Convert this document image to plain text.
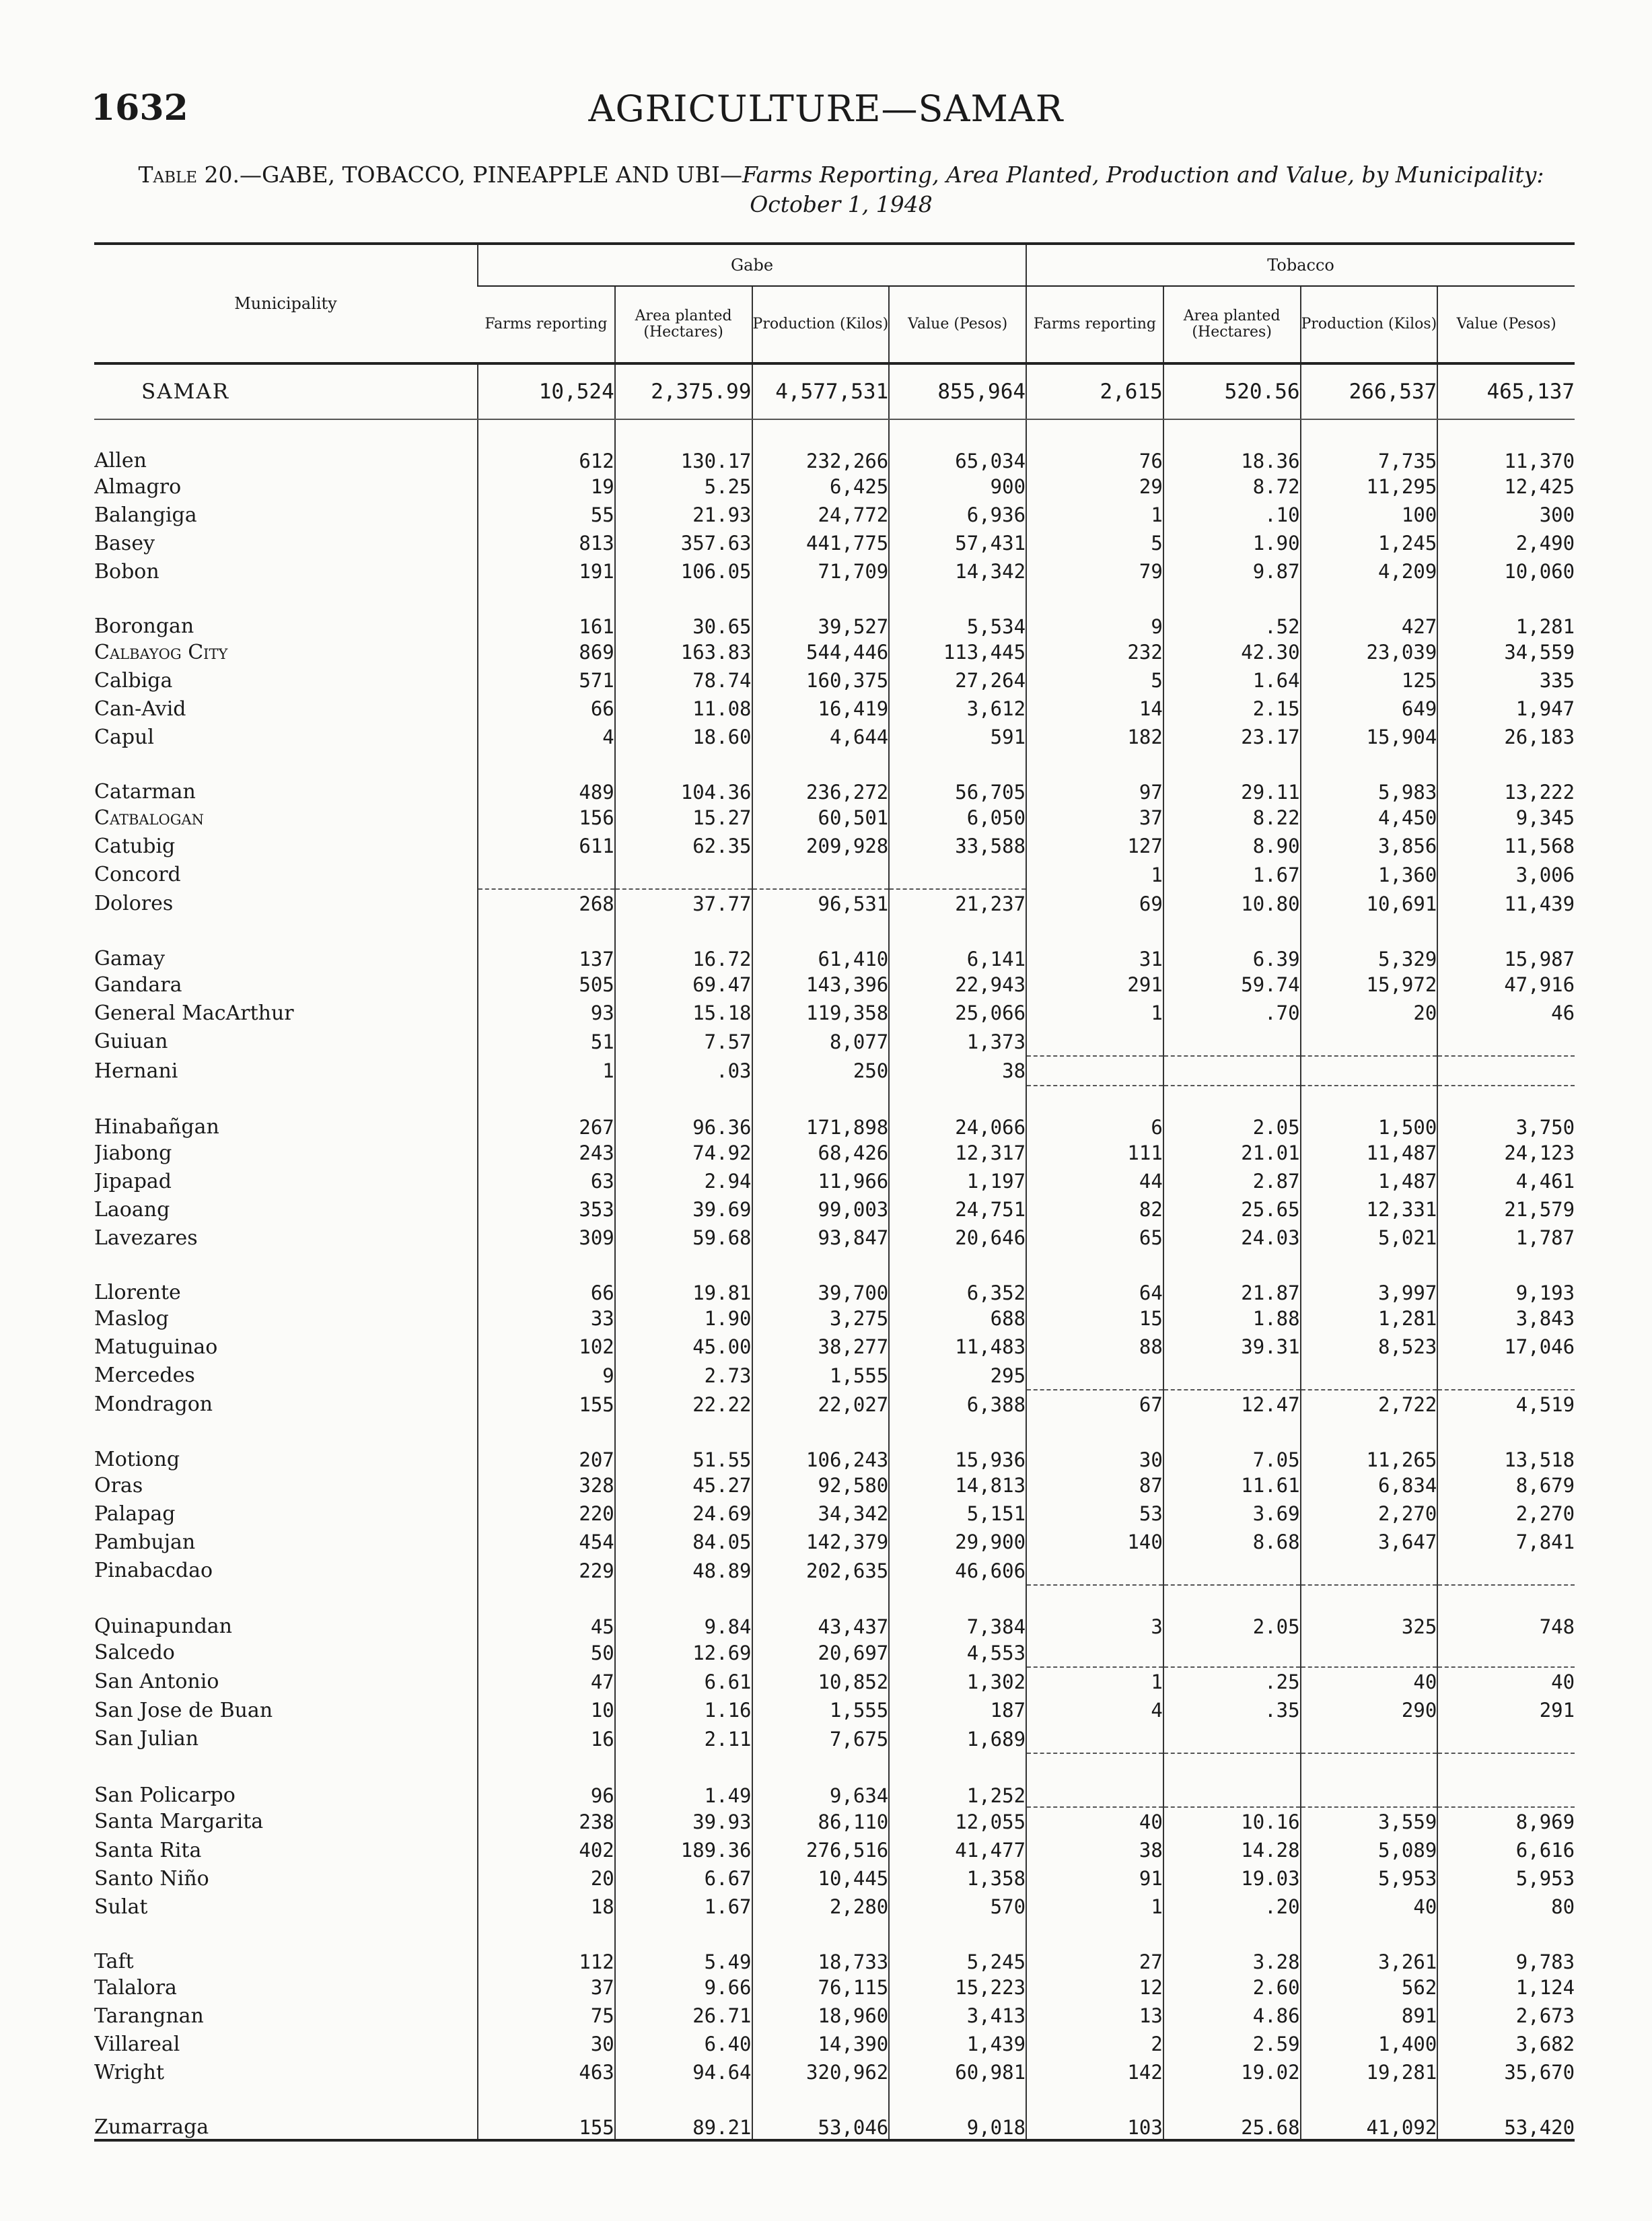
AGRICULTURE—SAMAR
1632
Table 20.—GABE, TOBACCO, PINEAPPLE AND UBI—Farms Reporting, Area Planted, Production and Value, by Municipality: October 1, 1948
Municipality	Gabe				Tobacco			
	Farms reporting	Area planted (Hectares)	Production (Kilos)	Value (Pesos)	Farms reporting	Area planted (Hectares)	Production (Kilos)	Value (Pesos)
SAMAR	10,524	2,375.99	4,577,531	855,964	2,615	520.56	266,537	465,137
Allen	612	130.17	232,266	65,034	76	18.36	7,735	11,370
Almagro	19	5.25	6,425	900	29	8.72	11,295	12,425
Balangiga	55	21.93	24,772	6,936	1	.10	100	300
Basey	813	357.63	441,775	57,431	5	1.90	1,245	2,490
Bobon	191	106.05	71,709	14,342	79	9.87	4,209	10,060
Borongan	161	30.65	39,527	5,534	9	.52	427	1,281
Calbayog City	869	163.83	544,446	113,445	232	42.30	23,039	34,559
Calbiga	571	78.74	160,375	27,264	5	1.64	125	335
Can-Avid	66	11.08	16,419	3,612	14	2.15	649	1,947
Capul	4	18.60	4,644	591	182	23.17	15,904	26,183
Catarman	489	104.36	236,272	56,705	97	29.11	5,983	13,222
Catbalogan	156	15.27	60,501	6,050	37	8.22	4,450	9,345
Catubig	611	62.35	209,928	33,588	127	8.90	3,856	11,568
Concord					1	1.67	1,360	3,006
Dolores	268	37.77	96,531	21,237	69	10.80	10,691	11,439
Gamay	137	16.72	61,410	6,141	31	6.39	5,329	15,987
Gandara	505	69.47	143,396	22,943	291	59.74	15,972	47,916
General MacArthur	93	15.18	119,358	25,066	1	.70	20	46
Guiuan	51	7.57	8,077	1,373				
Hernani	1	.03	250	38				
Hinabañgan	267	96.36	171,898	24,066	6	2.05	1,500	3,750
Jiabong	243	74.92	68,426	12,317	111	21.01	11,487	24,123
Jipapad	63	2.94	11,966	1,197	44	2.87	1,487	4,461
Laoang	353	39.69	99,003	24,751	82	25.65	12,331	21,579
Lavezares	309	59.68	93,847	20,646	65	24.03	5,021	1,787
Llorente	66	19.81	39,700	6,352	64	21.87	3,997	9,193
Maslog	33	1.90	3,275	688	15	1.88	1,281	3,843
Matuguinao	102	45.00	38,277	11,483	88	39.31	8,523	17,046
Mercedes	9	2.73	1,555	295				
Mondragon	155	22.22	22,027	6,388	67	12.47	2,722	4,519
Motiong	207	51.55	106,243	15,936	30	7.05	11,265	13,518
Oras	328	45.27	92,580	14,813	87	11.61	6,834	8,679
Palapag	220	24.69	34,342	5,151	53	3.69	2,270	2,270
Pambujan	454	84.05	142,379	29,900	140	8.68	3,647	7,841
Pinabacdao	229	48.89	202,635	46,606				
Quinapundan	45	9.84	43,437	7,384	3	2.05	325	748
Salcedo	50	12.69	20,697	4,553				
San Antonio	47	6.61	10,852	1,302	1	.25	40	40
San Jose de Buan	10	1.16	1,555	187	4	.35	290	291
San Julian	16	2.11	7,675	1,689				
San Policarpo	96	1.49	9,634	1,252				
Santa Margarita	238	39.93	86,110	12,055	40	10.16	3,559	8,969
Santa Rita	402	189.36	276,516	41,477	38	14.28	5,089	6,616
Santo Niño	20	6.67	10,445	1,358	91	19.03	5,953	5,953
Sulat	18	1.67	2,280	570	1	.20	40	80
Taft	112	5.49	18,733	5,245	27	3.28	3,261	9,783
Talalora	37	9.66	76,115	15,223	12	2.60	562	1,124
Tarangnan	75	26.71	18,960	3,413	13	4.86	891	2,673
Villareal	30	6.40	14,390	1,439	2	2.59	1,400	3,682
Wright	463	94.64	320,962	60,981	142	19.02	19,281	35,670
Zumarraga	155	89.21	53,046	9,018	103	25.68	41,092	53,420
